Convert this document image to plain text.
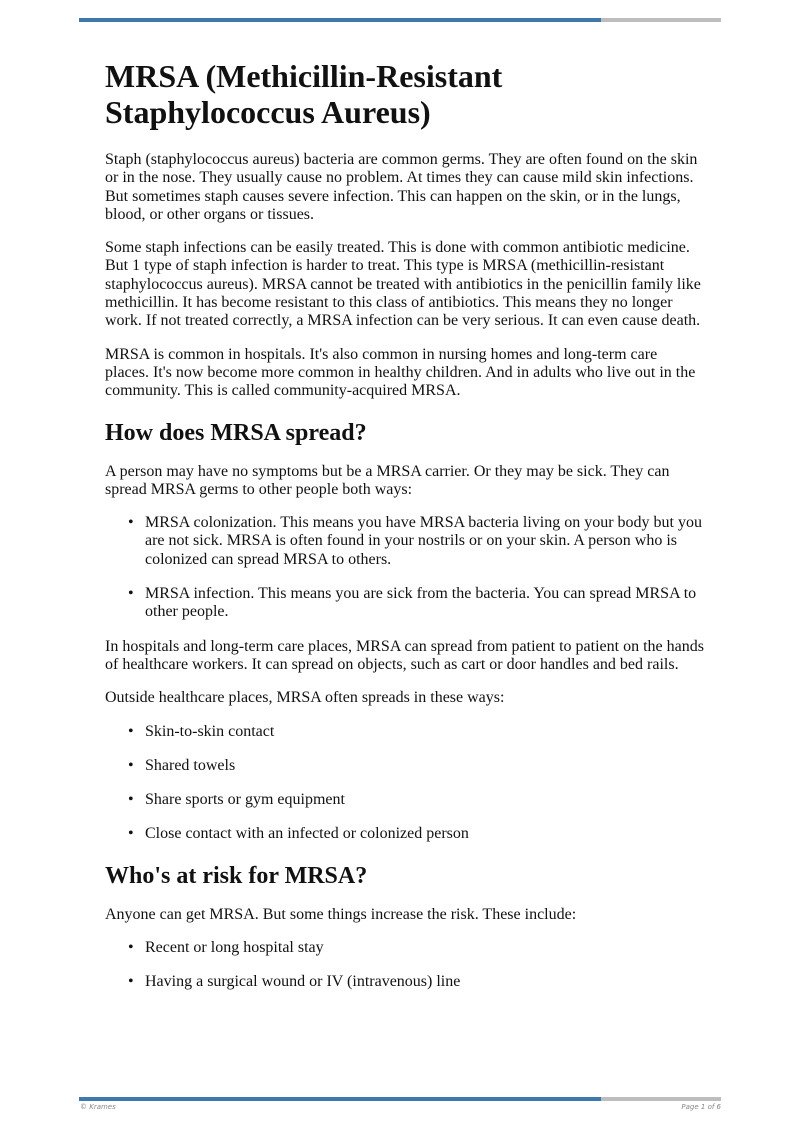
MRSA (Methicillin-Resistant Staphylococcus Aureus)

Staph (staphylococcus aureus) bacteria are common germs. They are often found on the skin or in the nose. They usually cause no problem. At times they can cause mild skin infections. But sometimes staph causes severe infection. This can happen on the skin, or in the lungs, blood, or other organs or tissues.

Some staph infections can be easily treated. This is done with common antibiotic medicine. But 1 type of staph infection is harder to treat. This type is MRSA (methicillin-resistant staphylococcus aureus). MRSA cannot be treated with antibiotics in the penicillin family like methicillin. It has become resistant to this class of antibiotics. This means they no longer work. If not treated correctly, a MRSA infection can be very serious. It can even cause death.

MRSA is common in hospitals. It's also common in nursing homes and long-term care places. It's now become more common in healthy children. And in adults who live out in the community. This is called community-acquired MRSA.

How does MRSA spread?

A person may have no symptoms but be a MRSA carrier. Or they may be sick. They can spread MRSA germs to other people both ways:

• MRSA colonization. This means you have MRSA bacteria living on your body but you are not sick. MRSA is often found in your nostrils or on your skin. A person who is colonized can spread MRSA to others.
• MRSA infection. This means you are sick from the bacteria. You can spread MRSA to other people.

In hospitals and long-term care places, MRSA can spread from patient to patient on the hands of healthcare workers. It can spread on objects, such as cart or door handles and bed rails.

Outside healthcare places, MRSA often spreads in these ways:

• Skin-to-skin contact
• Shared towels
• Share sports or gym equipment
• Close contact with an infected or colonized person
Who's at risk for MRSA?

Anyone can get MRSA. But some things increase the risk. These include:

• Recent or long hospital stay
• Having a surgical wound or IV (intravenous) line
© Krames	Page 1 of 6
